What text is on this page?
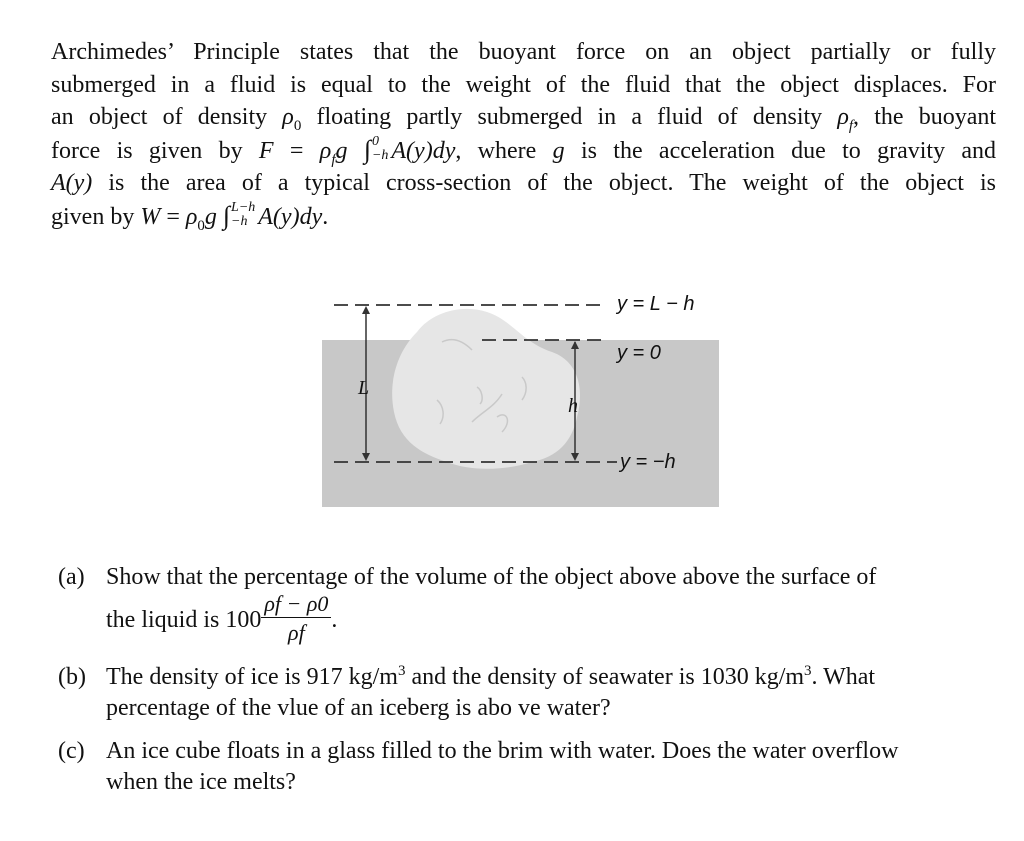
Archimedes’ Principle states that the buoyant force on an object partially or fully
submerged in a fluid is equal to the weight of the fluid that the object displaces. For
an object of density $\rho_0$ floating partly submerged in a fluid of density $\rho_f$, the buoyant
force is given by $F = \rho_fg$ ∫ 0
−h A(y)dy, where g is the acceleration due to gravity and
A(y) is the area of a typical cross-section of the object. The weight of the object is
given by $W = \rho_0g$ ∫ L−h
−h A(y)dy.
y = L − h
y = 0
y = −h
L
h
(a) Show that the percentage of the volume of the object above above the surface of
the liquid is $100 \frac{\rho f - \rho 0}{\rho f}$ .
(b) The density of ice is 917 $kg/m^3$ and the density of seawater is 1030 $kg/m^3$. What
percentage of the vlue of an iceberg is abo ve water?
(c) An ice cube floats in a glass filled to the brim with water. Does the water overflow
when the ice melts?
